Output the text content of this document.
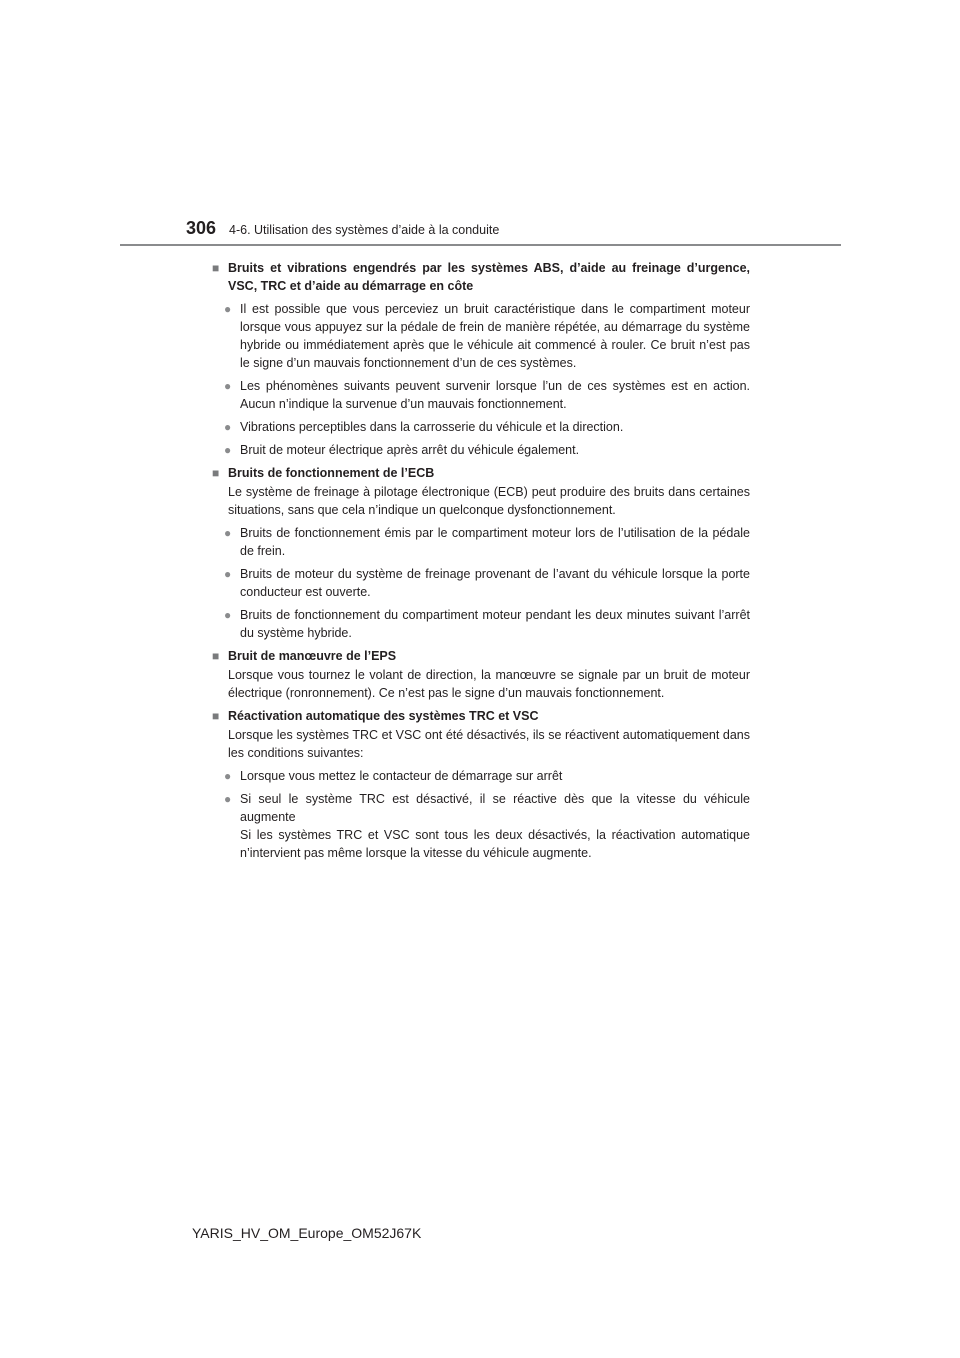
306 4-6. Utilisation des systèmes d’aide à la conduite
■ Bruits et vibrations engendrés par les systèmes ABS, d’aide au freinage d’urgence, VSC, TRC et d’aide au démarrage en côte
● Il est possible que vous perceviez un bruit caractéristique dans le compartiment moteur lorsque vous appuyez sur la pédale de frein de manière répétée, au démarrage du système hybride ou immédiatement après que le véhicule ait commencé à rouler. Ce bruit n’est pas le signe d’un mauvais fonctionnement d’un de ces systèmes.
● Les phénomènes suivants peuvent survenir lorsque l’un de ces systèmes est en action. Aucun n’indique la survenue d’un mauvais fonctionnement.
● Vibrations perceptibles dans la carrosserie du véhicule et la direction.
● Bruit de moteur électrique après arrêt du véhicule également.
■ Bruits de fonctionnement de l’ECB
Le système de freinage à pilotage électronique (ECB) peut produire des bruits dans certaines situations, sans que cela n’indique un quelconque dysfonctionnement.
● Bruits de fonctionnement émis par le compartiment moteur lors de l’utilisation de la pédale de frein.
● Bruits de moteur du système de freinage provenant de l’avant du véhicule lorsque la porte conducteur est ouverte.
● Bruits de fonctionnement du compartiment moteur pendant les deux minutes suivant l’arrêt du système hybride.
■ Bruit de manœuvre de l’EPS
Lorsque vous tournez le volant de direction, la manœuvre se signale par un bruit de moteur électrique (ronronnement). Ce n’est pas le signe d’un mauvais fonctionnement.
■ Réactivation automatique des systèmes TRC et VSC
Lorsque les systèmes TRC et VSC ont été désactivés, ils se réactivent automatiquement dans les conditions suivantes:
● Lorsque vous mettez le contacteur de démarrage sur arrêt
● Si seul le système TRC est désactivé, il se réactive dès que la vitesse du véhicule augmente
Si les systèmes TRC et VSC sont tous les deux désactivés, la réactivation automatique n’intervient pas même lorsque la vitesse du véhicule augmente.
YARIS_HV_OM_Europe_OM52J67K
